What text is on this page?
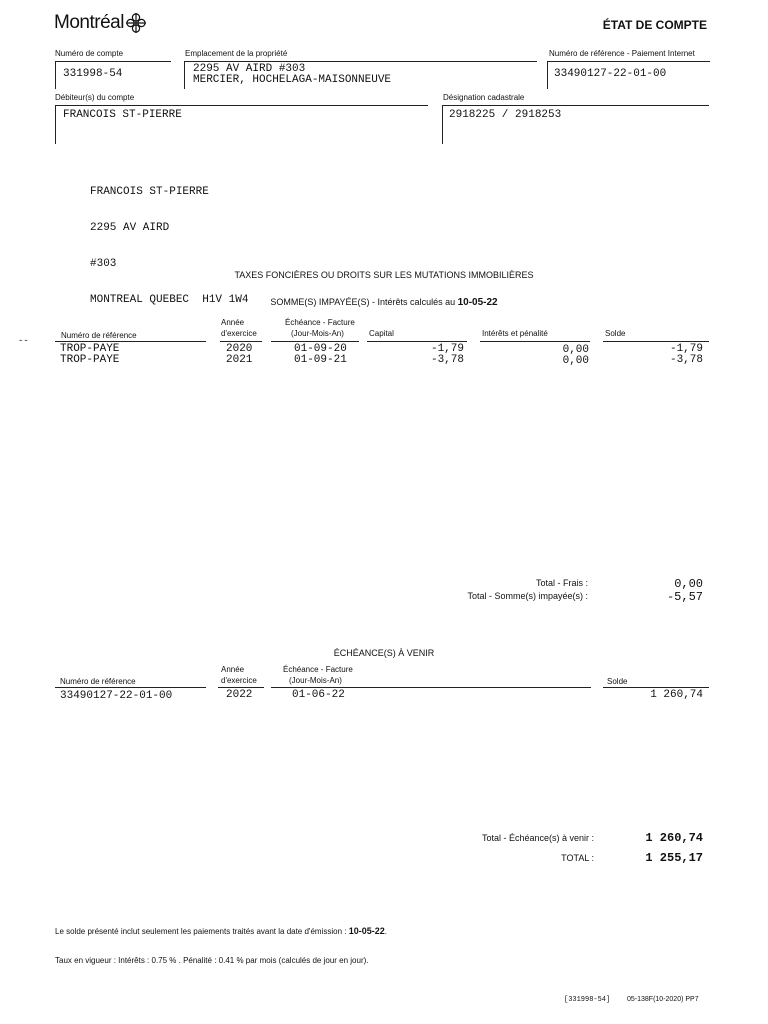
Montréal	ÉTAT DE COMPTE
Numéro de compte	Emplacement de la propriété	Numéro de référence - Paiement Internet
331998-54	2295 AV AIRD #303
MERCIER, HOCHELAGA-MAISONNEUVE	33490127-22-01-00
Débiteur(s) du compte	Désignation cadastrale
FRANCOIS ST-PIERRE	2918225 / 2918253

FRANCOIS ST-PIERRE

2295 AV AIRD

#303

MONTREAL QUEBEC  H1V 1W4

TAXES FONCIÈRES OU DROITS SUR LES MUTATIONS IMMOBILIÈRES
SOMME(S) IMPAYÉE(S) - Intérêts calculés au 10-05-22
--
Numéro de référence
Année
d'exercice
Échéance - Facture
(Jour-Mois-An)	Capital	Intérêts et pénalité	Solde
TROP-PAYE	2020	01-09-20	-1,79	0,00	-1,79
TROP-PAYE	2021	01-09-21	-3,78	0,00	-3,78
Total - Frais :	0,00
Total - Somme(s) impayée(s) :	-5,57
ÉCHÉANCE(S) À VENIR
Numéro de référence
Année
d'exercice
Échéance - Facture
(Jour-Mois-An)	Solde
33490127-22-01-00	2022	01-06-22	1 260,74
Total - Échéance(s) à venir :	1 260,74
TOTAL :	1 255,17
Le solde présenté inclut seulement les paiements traités avant la date d'émission : 10-05-22.
Taux en vigueur : Intérêts : 0.75 % . Pénalité : 0.41 % par mois (calculés de jour en jour).
[331998-54] 05-138F(10-2020) PP7
